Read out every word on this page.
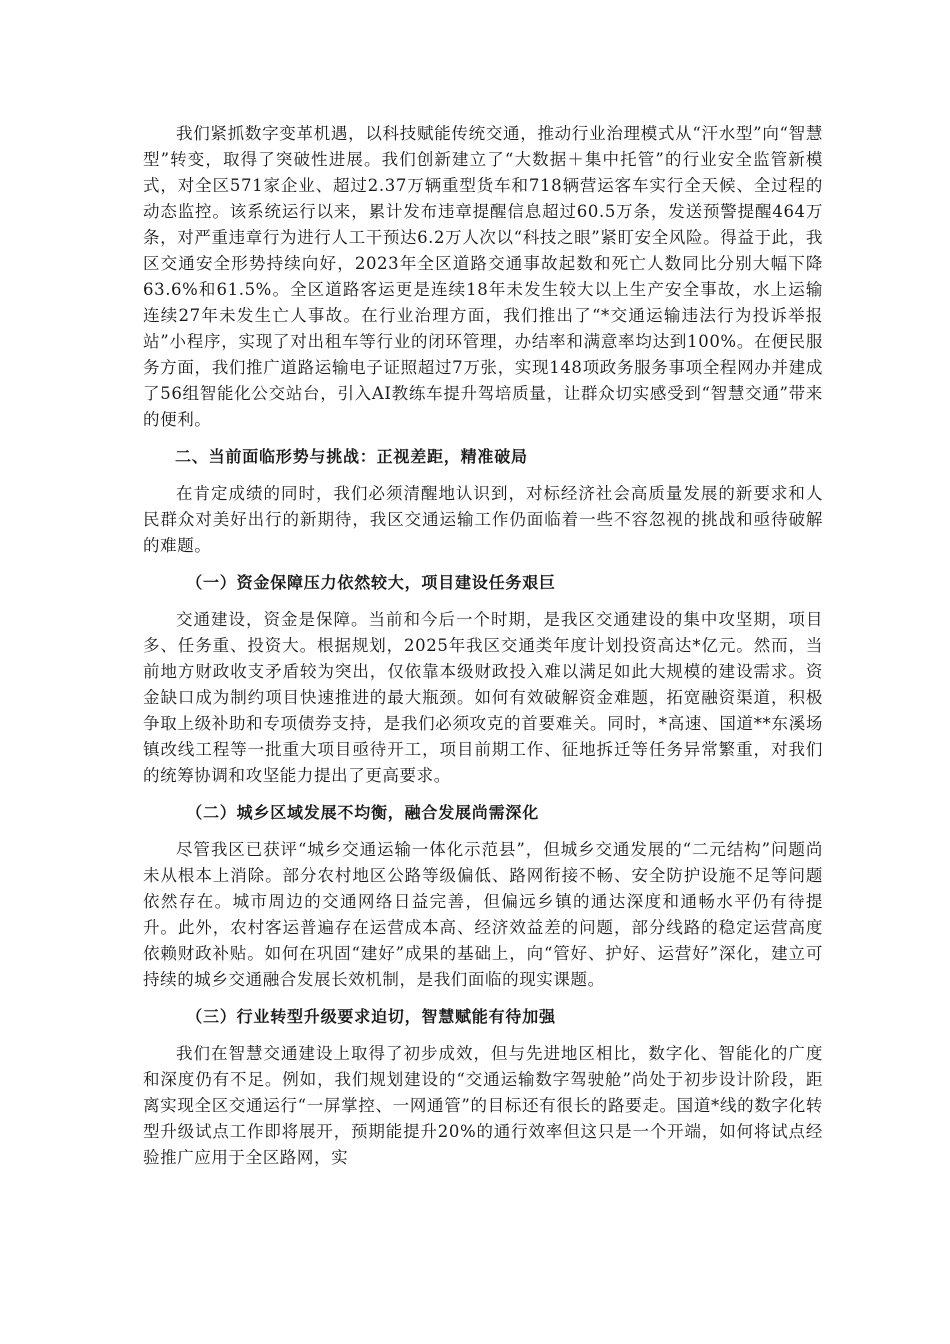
我们紧抓数字变革机遇，以科技赋能传统交通，推动行业治理模式从“汗水型”向“智慧型”转变，取得了突破性进展。我们创新建立了“大数据＋集中托管”的行业安全监管新模式，对全区571家企业、超过2.37万辆重型货车和718辆营运客车实行全天候、全过程的动态监控。该系统运行以来，累计发布违章提醒信息超过60.5万条，发送预警提醒464万条，对严重违章行为进行人工干预达6.2万人次以“科技之眼”紧盯安全风险。得益于此，我区交通安全形势持续向好，2023年全区道路交通事故起数和死亡人数同比分别大幅下降63.6%和61.5%。全区道路客运更是连续18年未发生较大以上生产安全事故，水上运输连续27年未发生亡人事故。在行业治理方面，我们推出了“*交通运输违法行为投诉举报站”小程序，实现了对出租车等行业的闭环管理，办结率和满意率均达到100%。在便民服务方面，我们推广道路运输电子证照超过7万张，实现148项政务服务事项全程网办并建成了56组智能化公交站台，引入AI教练车提升驾培质量，让群众切实感受到“智慧交通”带来的便利。

二、当前面临形势与挑战：正视差距，精准破局

在肯定成绩的同时，我们必须清醒地认识到，对标经济社会高质量发展的新要求和人民群众对美好出行的新期待，我区交通运输工作仍面临着一些不容忽视的挑战和亟待破解的难题。

（一）资金保障压力依然较大，项目建设任务艰巨

交通建设，资金是保障。当前和今后一个时期，是我区交通建设的集中攻坚期，项目多、任务重、投资大。根据规划，2025年我区交通类年度计划投资高达*亿元。然而，当前地方财政收支矛盾较为突出，仅依靠本级财政投入难以满足如此大规模的建设需求。资金缺口成为制约项目快速推进的最大瓶颈。如何有效破解资金难题，拓宽融资渠道，积极争取上级补助和专项债券支持，是我们必须攻克的首要难关。同时，*高速、国道**东溪场镇改线工程等一批重大项目亟待开工，项目前期工作、征地拆迁等任务异常繁重，对我们的统筹协调和攻坚能力提出了更高要求。

（二）城乡区域发展不均衡，融合发展尚需深化

尽管我区已获评“城乡交通运输一体化示范县”，但城乡交通发展的“二元结构”问题尚未从根本上消除。部分农村地区公路等级偏低、路网衔接不畅、安全防护设施不足等问题依然存在。城市周边的交通网络日益完善，但偏远乡镇的通达深度和通畅水平仍有待提升。此外，农村客运普遍存在运营成本高、经济效益差的问题，部分线路的稳定运营高度依赖财政补贴。如何在巩固“建好”成果的基础上，向“管好、护好、运营好”深化，建立可持续的城乡交通融合发展长效机制，是我们面临的现实课题。

（三）行业转型升级要求迫切，智慧赋能有待加强

我们在智慧交通建设上取得了初步成效，但与先进地区相比，数字化、智能化的广度和深度仍有不足。例如，我们规划建设的“交通运输数字驾驶舱”尚处于初步设计阶段，距离实现全区交通运行“一屏掌控、一网通管”的目标还有很长的路要走。国道*线的数字化转型升级试点工作即将展开，预期能提升20%的通行效率但这只是一个开端，如何将试点经验推广应用于全区路网，实
